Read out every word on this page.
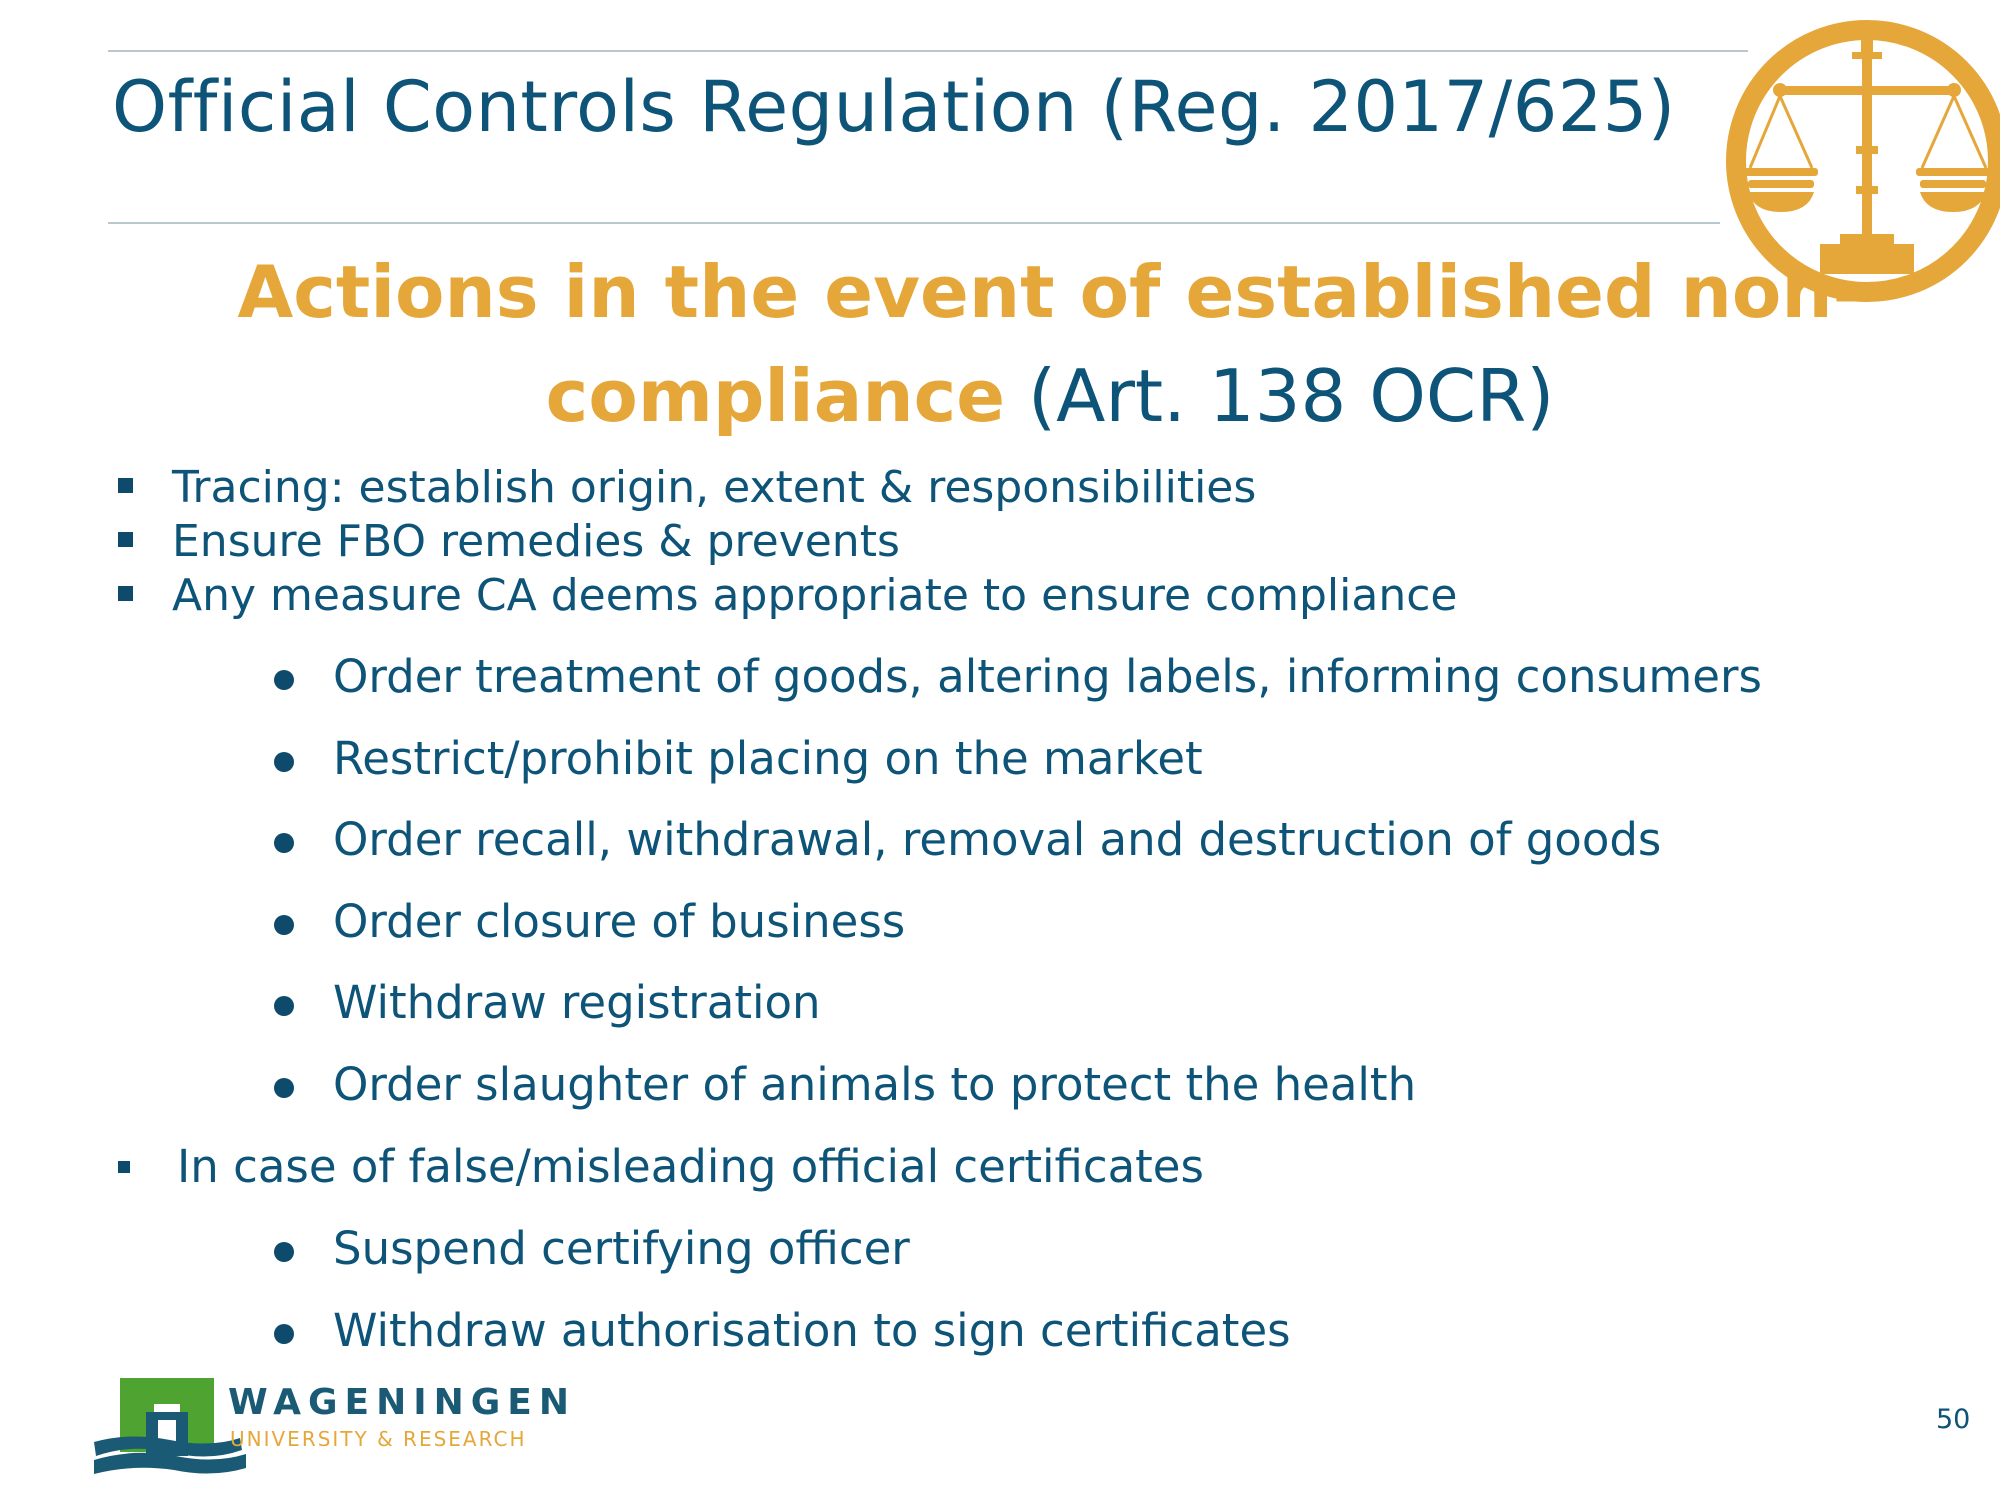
Official Controls Regulation (Reg. 2017/625)
Actions in the event of established non-
compliance (Art. 138 OCR)
Tracing: establish origin, extent & responsibilities
Ensure FBO remedies & prevents
Any measure CA deems appropriate to ensure compliance
Order treatment of goods, altering labels, informing consumers
Restrict/prohibit placing on the market
Order recall, withdrawal, removal and destruction of goods
Order closure of business
Withdraw registration
Order slaughter of animals to protect the health
In case of false/misleading official certificates
Suspend certifying officer
Withdraw authorisation to sign certificates
WAGENINGEN
UNIVERSITY & RESEARCH
50
